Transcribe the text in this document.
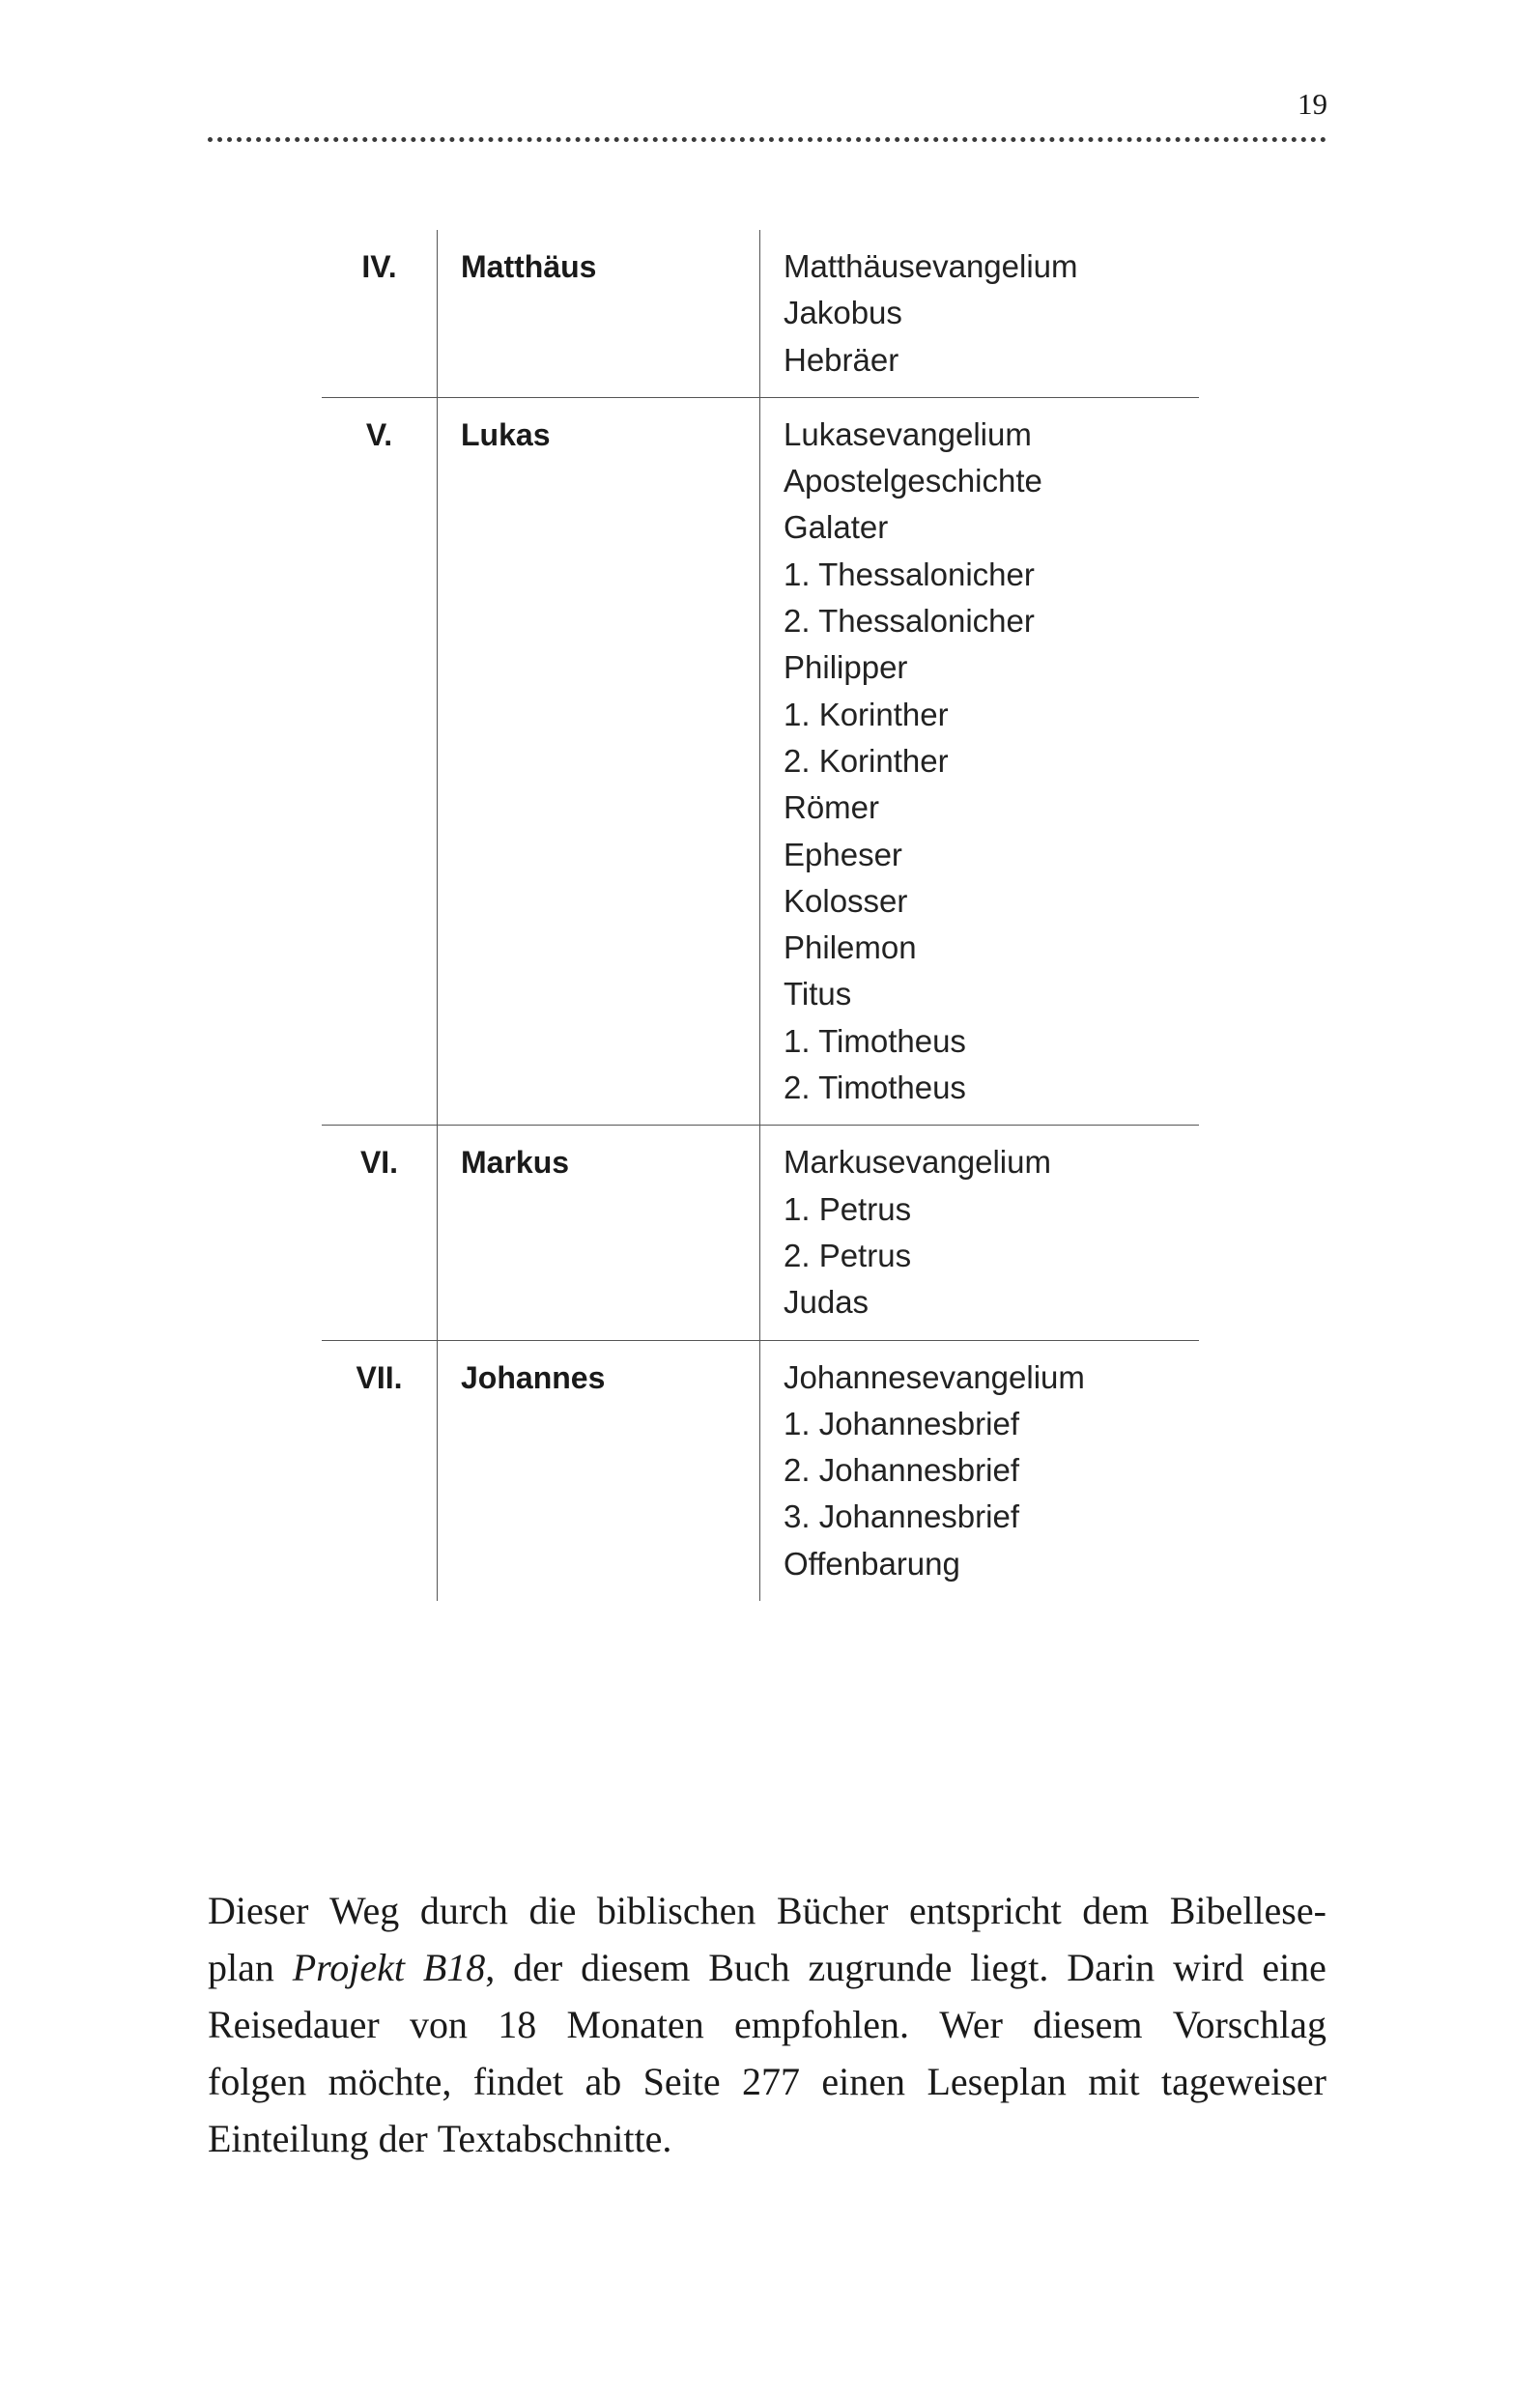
19
IV.	Matthäus	Matthäusevangelium
Jakobus
Hebräer
V.	Lukas	Lukasevangelium
Apostelgeschichte
Galater
1. Thessalonicher
2. Thessalonicher
Philipper
1. Korinther
2. Korinther
Römer
Epheser
Kolosser
Philemon
Titus
1. Timotheus
2. Timotheus
VI.	Markus	Markusevangelium
1. Petrus
2. Petrus
Judas
VII.	Johannes	Johannesevangelium
1. Johannesbrief
2. Johannesbrief
3. Johannesbrief
Offenbarung
Dieser Weg durch die biblischen Bücher entspricht dem Bibellese-
plan Projekt B18, der diesem Buch zugrunde liegt. Darin wird eine
Reisedauer von 18 Monaten empfohlen. Wer diesem Vorschlag
folgen möchte, findet ab Seite 277 einen Leseplan mit tageweiser
Einteilung der Textabschnitte.
